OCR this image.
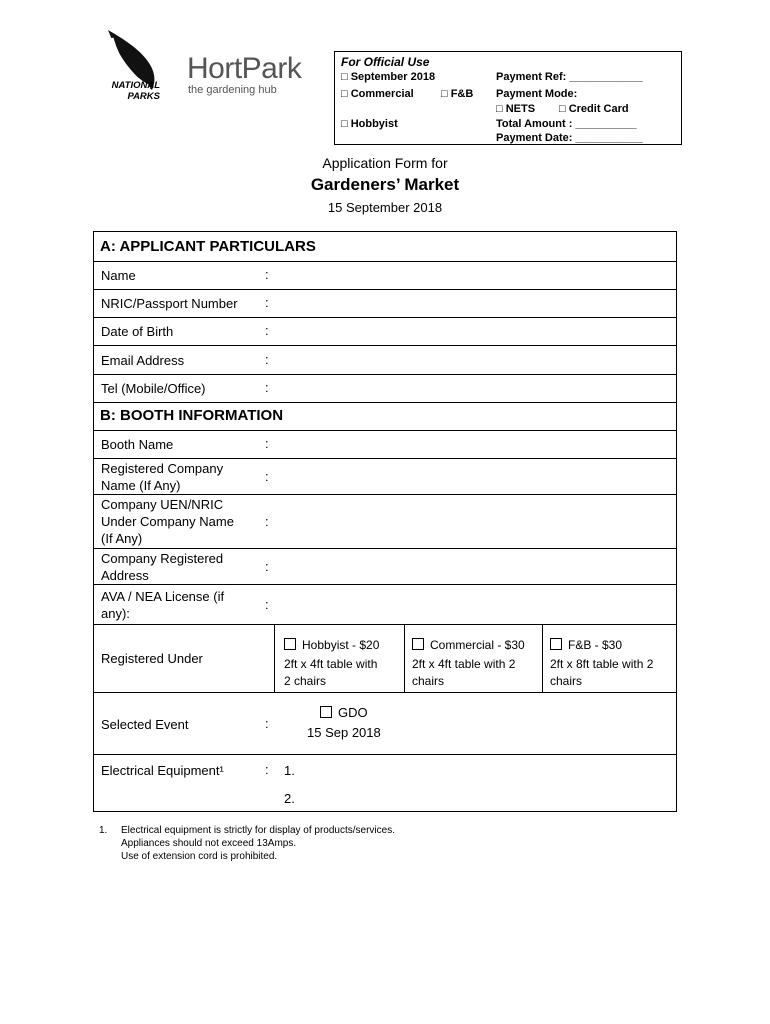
NATIONAL
PARKS
HortPark
the gardening hub
For Official Use
□ September 2018
□ Commercial □ F&B
□ Hobbyist
Payment Ref: ____________
Payment Mode:
□ NETS □ Credit Card
Total Amount : __________
Payment Date: ___________
Application Form for
Gardeners’ Market
15 September 2018
A: APPLICANT PARTICULARS
Name	:
NRIC/Passport Number :
Date of Birth	:
Email Address	:
Tel (Mobile/Office)	:
B: BOOTH INFORMATION
Booth Name	:
Registered Company
Name (If Any)
:
Company UEN/NRIC
Under Company Name
(If Any)
:
Company Registered
Address
:
AVA / NEA License (if
any):
:
Registered Under
Hobbyist - $20
2ft x 4ft table with
2 chairs
Commercial - $30
2ft x 4ft table with 2
chairs
F&B - $30
2ft x 8ft table with 2
chairs
Selected Event	:
GDO
15 Sep 2018
Electrical Equipment¹	: 1.
2.
1. Electrical equipment is strictly for display of products/services.
Appliances should not exceed 13Amps.
Use of extension cord is prohibited.
